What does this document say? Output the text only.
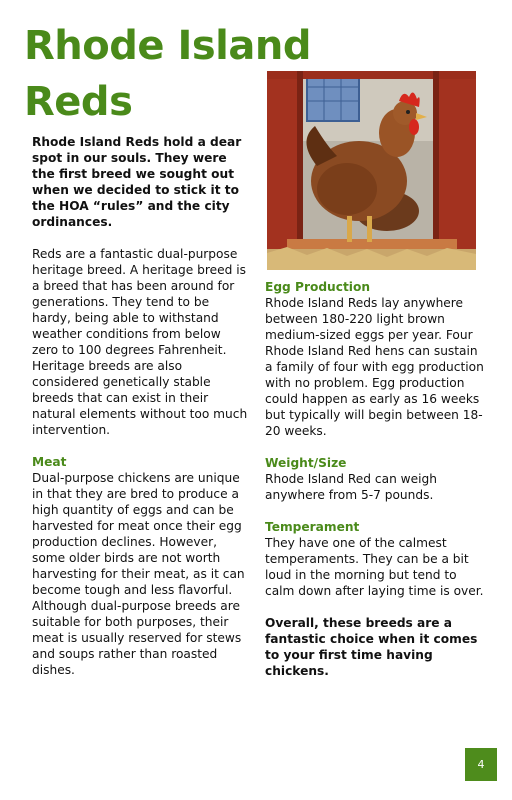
Rhode Island Reds

Rhode Island Reds hold a dear spot in our souls. They were the first breed we sought out when we decided to stick it to the HOA “rules” and the city ordinances.

Reds are a fantastic dual-purpose heritage breed. A heritage breed is a breed that has been around for generations. They tend to be hardy, being able to withstand weather conditions from below zero to 100 degrees Fahrenheit. Heritage breeds are also considered genetically stable breeds that can exist in their natural elements without too much intervention.

Meat

Dual-purpose chickens are unique in that they are bred to produce a high quantity of eggs and can be harvested for meat once their egg production declines. However, some older birds are not worth harvesting for their meat, as it can become tough and less flavorful. Although dual-purpose breeds are suitable for both purposes, their meat is usually reserved for stews and soups rather than roasted dishes.

Egg Production

Rhode Island Reds lay anywhere between 180-220 light brown medium-sized eggs per year. Four Rhode Island Red hens can sustain a family of four with egg production with no problem. Egg production could happen as early as 16 weeks but typically will begin between 18-20 weeks.

Weight/Size

Rhode Island Red can weigh anywhere from 5-7 pounds.

Temperament

They have one of the calmest temperaments. They can be a bit loud in the morning but tend to calm down after laying time is over.

Overall, these breeds are a fantastic choice when it comes to your first time having chickens.

4
